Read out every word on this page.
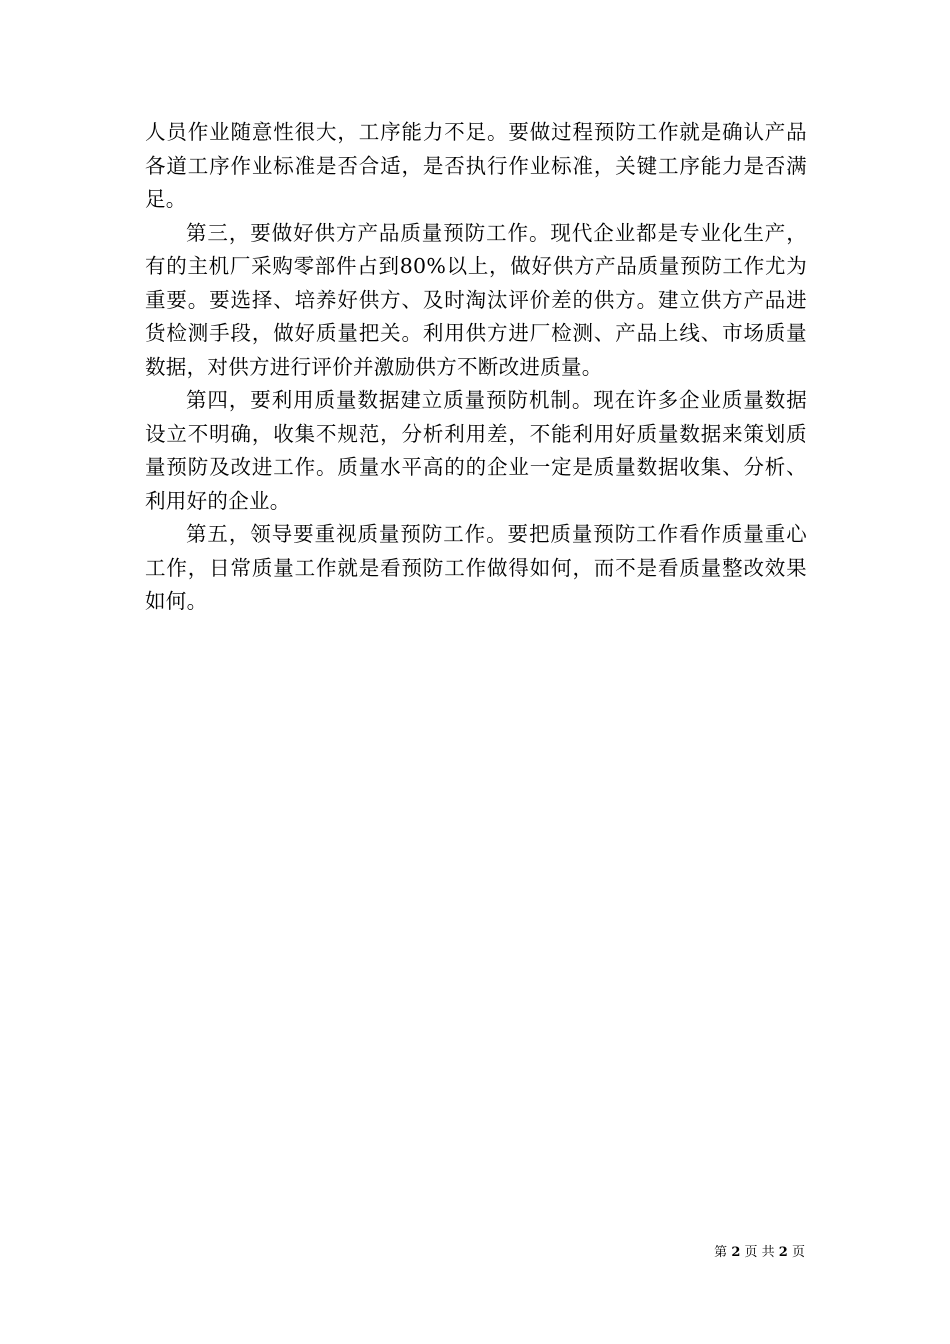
人员作业随意性很大，工序能力不足。要做过程预防工作就是确认产品各道工序作业标准是否合适，是否执行作业标准，关键工序能力是否满足。

第三，要做好供方产品质量预防工作。现代企业都是专业化生产，有的主机厂采购零部件占到80%以上，做好供方产品质量预防工作尤为重要。要选择、培养好供方、及时淘汰评价差的供方。建立供方产品进货检测手段，做好质量把关。利用供方进厂检测、产品上线、市场质量数据，对供方进行评价并激励供方不断改进质量。

第四，要利用质量数据建立质量预防机制。现在许多企业质量数据设立不明确，收集不规范，分析利用差，不能利用好质量数据来策划质量预防及改进工作。质量水平高的的企业一定是质量数据收集、分析、利用好的企业。

第五，领导要重视质量预防工作。要把质量预防工作看作质量重心工作，日常质量工作就是看预防工作做得如何，而不是看质量整改效果如何。

第 2 页 共 2 页
